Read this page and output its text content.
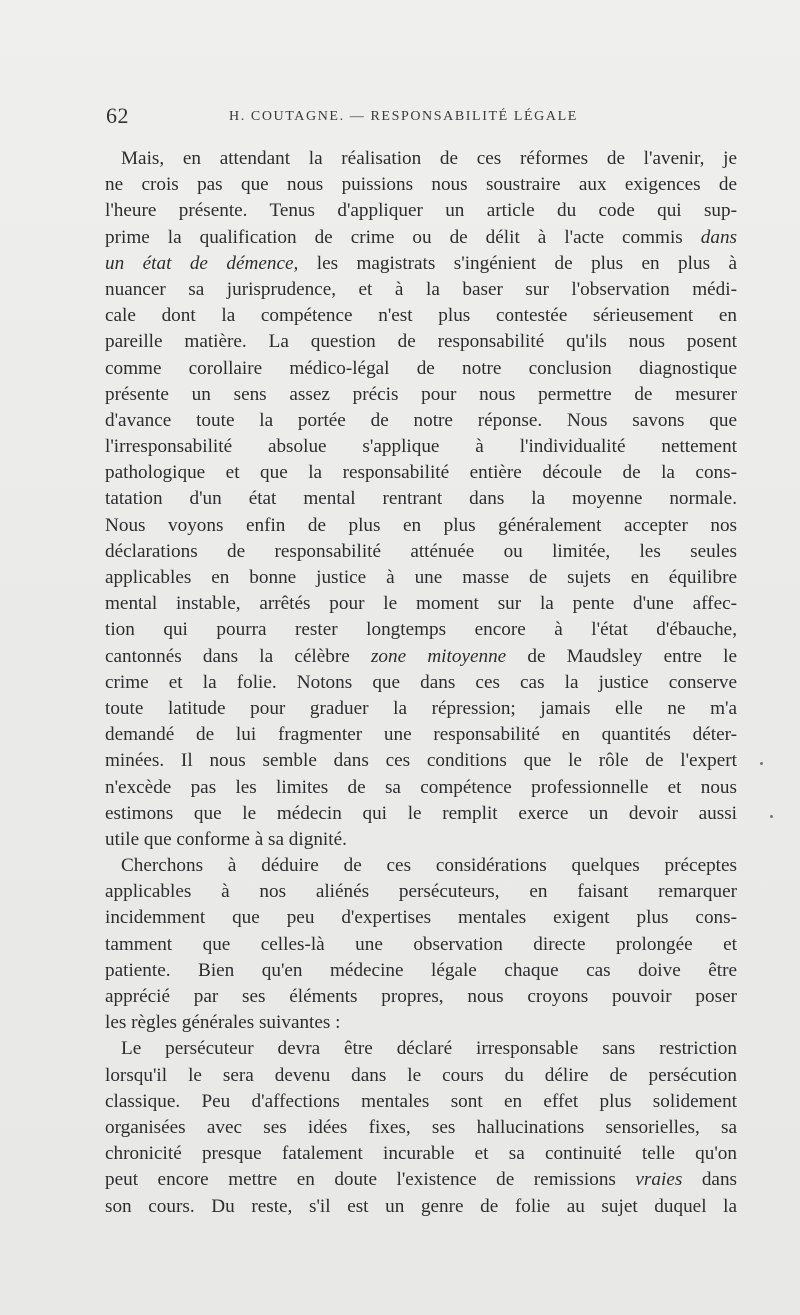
62	H. COUTAGNE. — RESPONSABILITÉ LÉGALE
Mais, en attendant la réalisation de ces réformes de l'avenir, je
ne crois pas que nous puissions nous soustraire aux exigences de
l'heure présente. Tenus d'appliquer un article du code qui sup-
prime la qualification de crime ou de délit à l'acte commis dans
un état de démence, les magistrats s'ingénient de plus en plus à
nuancer sa jurisprudence, et à la baser sur l'observation médi-
cale dont la compétence n'est plus contestée sérieusement en
pareille matière. La question de responsabilité qu'ils nous posent
comme corollaire médico-légal de notre conclusion diagnostique
présente un sens assez précis pour nous permettre de mesurer
d'avance toute la portée de notre réponse. Nous savons que
l'irresponsabilité absolue s'applique à l'individualité nettement
pathologique et que la responsabilité entière découle de la cons-
tatation d'un état mental rentrant dans la moyenne normale.
Nous voyons enfin de plus en plus généralement accepter nos
déclarations de responsabilité atténuée ou limitée, les seules
applicables en bonne justice à une masse de sujets en équilibre
mental instable, arrêtés pour le moment sur la pente d'une affec-
tion qui pourra rester longtemps encore à l'état d'ébauche,
cantonnés dans la célèbre zone mitoyenne de Maudsley entre le
crime et la folie. Notons que dans ces cas la justice conserve
toute latitude pour graduer la répression; jamais elle ne m'a
demandé de lui fragmenter une responsabilité en quantités déter-
minées. Il nous semble dans ces conditions que le rôle de l'expert
n'excède pas les limites de sa compétence professionnelle et nous
estimons que le médecin qui le remplit exerce un devoir aussi
utile que conforme à sa dignité.
Cherchons à déduire de ces considérations quelques préceptes
applicables à nos aliénés persécuteurs, en faisant remarquer
incidemment que peu d'expertises mentales exigent plus cons-
tamment que celles-là une observation directe prolongée et
patiente. Bien qu'en médecine légale chaque cas doive être
apprécié par ses éléments propres, nous croyons pouvoir poser
les règles générales suivantes :
Le persécuteur devra être déclaré irresponsable sans restriction
lorsqu'il le sera devenu dans le cours du délire de persécution
classique. Peu d'affections mentales sont en effet plus solidement
organisées avec ses idées fixes, ses hallucinations sensorielles, sa
chronicité presque fatalement incurable et sa continuité telle qu'on
peut encore mettre en doute l'existence de remissions vraies dans
son cours. Du reste, s'il est un genre de folie au sujet duquel la
